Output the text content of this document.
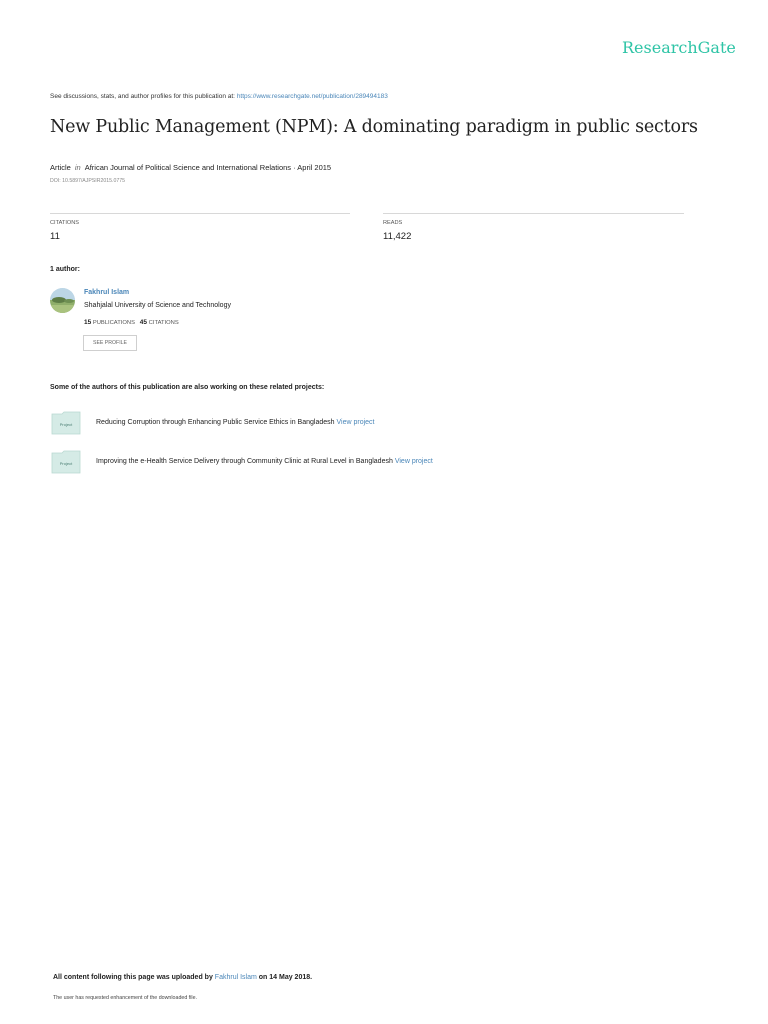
ResearchGate
See discussions, stats, and author profiles for this publication at: https://www.researchgate.net/publication/289494183
New Public Management (NPM): A dominating paradigm in public sectors
Article in African Journal of Political Science and International Relations · April 2015
DOI: 10.5897/AJPSIR2015.0775
CITATIONS
11
READS
11,422
1 author:
Fakhrul Islam
Shahjalal University of Science and Technology
15 PUBLICATIONS 45 CITATIONS
SEE PROFILE
Some of the authors of this publication are also working on these related projects:
Project	Reducing Corruption through Enhancing Public Service Ethics in Bangladesh View project
Project	Improving the e-Health Service Delivery through Community Clinic at Rural Level in Bangladesh View project
All content following this page was uploaded by Fakhrul Islam on 14 May 2018.
The user has requested enhancement of the downloaded file.
